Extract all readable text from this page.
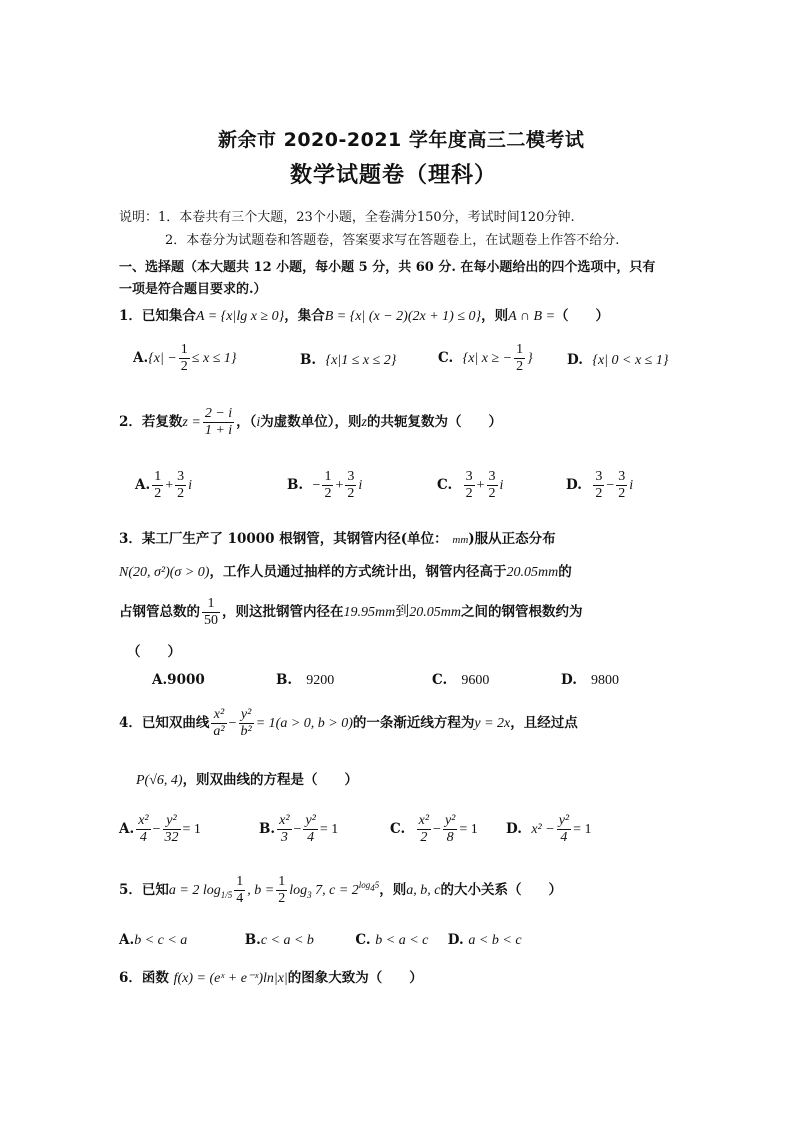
新余市 2020-2021 学年度高三二模考试
数学试题卷（理科）
说明：1．本卷共有三个大题，23个小题，全卷满分150分，考试时间120分钟.
2．本卷分为试题卷和答题卷，答案要求写在答题卷上，在试题卷上作答不给分.
一、选择题（本大题共 12 小题，每小题 5 分，共 60 分. 在每小题给出的四个选项中，只有
一项是符合题目要求的.）
1．已知集合A = {x|lg x ≥ 0}，集合B = {x| (x − 2)(2x + 1) ≤ 0}，则A ∩ B =（　　）
$A.\{x| - \frac{1}{2} \le x \le 1\}$	B. {x|1 ≤ x ≤ 2}	C. {x| x ≥ − $\frac{1}{2}$ }	D. {x| 0 < x ≤ 1}
2．若复数$z = \frac{2 - i}{1 + i}$ ，（i为虚数单位），则z的共轭复数为（　　）
A. $\frac{1}{2} + \frac{3}{2}$ i	B. − $\frac{1}{2} + \frac{3}{2}$ i	C. $\frac{3}{2} + \frac{3}{2}$ i	D. $\frac{3}{2} - \frac{3}{2}$ i
3．某工厂生产了 10000 根钢管，其钢管内径(单位： mm)服从正态分布
N(20, σ²)(σ > 0)，工作人员通过抽样的方式统计出，钢管内径高于20.05mm的
占钢管总数的 $\frac{1}{50}$ ，则这批钢管内径在19.95mm到20.05mm之间的钢管根数约为
（　　）
A.9000	B. 9200	C. 9600	D. 9800
4．已知双曲线 $\frac{\text{x²}}{\text{a²}} - \frac{\text{y²}}{\text{b²}} = 1(a > 0$, b > 0)的一条渐近线方程为y = 2x，且经过点
P(√6, 4)，则双曲线的方程是（　　）
A. $\frac{\text{x²}}{4} - \frac{\text{y²}}{32} = 1$	B. $\frac{\text{x²}}{3} - \frac{\text{y²}}{4} = 1$	C. $\frac{\text{x²}}{2} - \frac{\text{y²}}{8} = 1$ D. $x^2 - \frac{\text{y²}}{4} = 1$
5．已知a = 2 $\log_{1/5} \frac{1}{4}$ , $b = \frac{1}{2} \log_3 7$, $c = 2^{log_45}$，则a, b, c的大小关系（　　）
A.b < c < a	B.c < a < b	C. b < a < c D. a < b < c
6．函数 f(x) = (eˣ + e⁻ˣ)ln|x|的图象大致为（　　）
